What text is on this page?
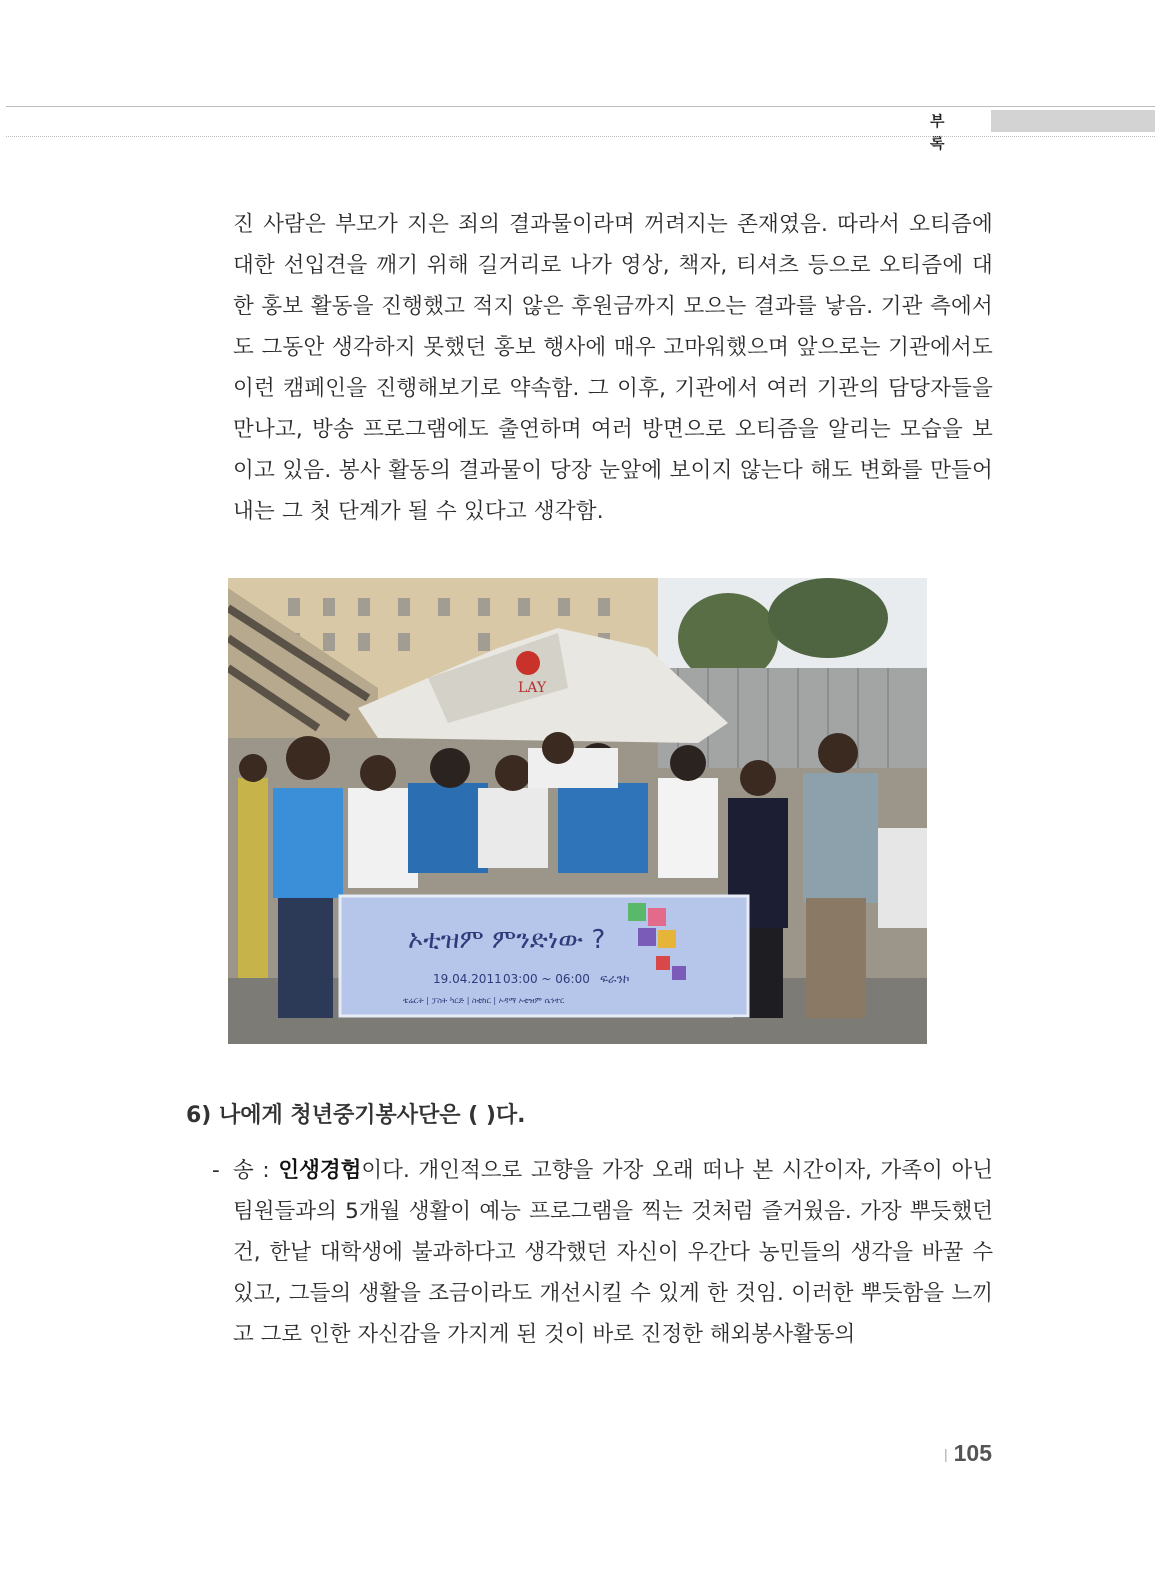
부 록
진 사람은 부모가 지은 죄의 결과물이라며 꺼려지는 존재였음. 따라서 오티즘에 대한 선입견을 깨기 위해 길거리로 나가 영상, 책자, 티셔츠 등으로 오티즘에 대한 홍보 활동을 진행했고 적지 않은 후원금까지 모으는 결과를 낳음. 기관 측에서도 그동안 생각하지 못했던 홍보 행사에 매우 고마워했으며 앞으로는 기관에서도 이런 캠페인을 진행해보기로 약속함. 그 이후, 기관에서 여러 기관의 담당자들을 만나고, 방송 프로그램에도 출연하며 여러 방면으로 오티즘을 알리는 모습을 보이고 있음. 봉사 활동의 결과물이 당장 눈앞에 보이지 않는다 해도 변화를 만들어내는 그 첫 단계가 될 수 있다고 생각함.
LAY
ኦቲዝም ምንድነው ?
19.04.2011 03:00 ~ 06:00 ፍራንኮ
ቴሬርት | ፓስት ካርድ | ስቲከር | ኦዳማ ኦቲዝም ሴንተር
6) 나에게 청년중기봉사단은 ( )다.
- 송 : 인생경험이다. 개인적으로 고향을 가장 오래 떠나 본 시간이자, 가족이 아닌 팀원들과의 5개월 생활이 예능 프로그램을 찍는 것처럼 즐거웠음. 가장 뿌듯했던 건, 한낱 대학생에 불과하다고 생각했던 자신이 우간다 농민들의 생각을 바꿀 수 있고, 그들의 생활을 조금이라도 개선시킬 수 있게 한 것임. 이러한 뿌듯함을 느끼고 그로 인한 자신감을 가지게 된 것이 바로 진정한 해외봉사활동의
| 105
